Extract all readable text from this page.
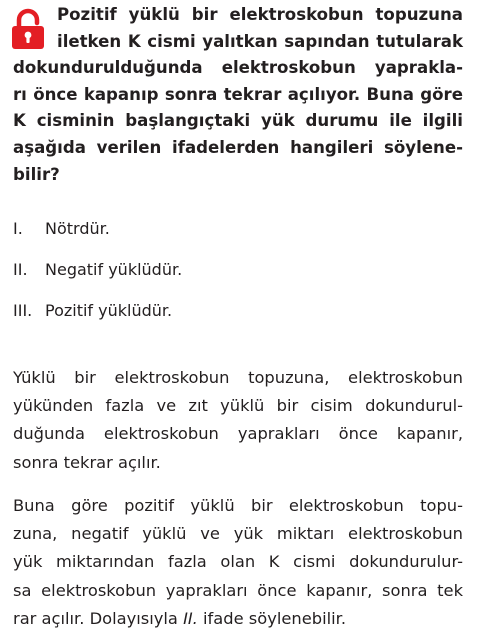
Pozitif yüklü bir elektroskobun topuzuna
iletken K cismi yalıtkan sapından tutularak
dokundurulduğunda elektroskobun yaprakla-
rı önce kapanıp sonra tekrar açılıyor. Buna göre
K cisminin başlangıçtaki yük durumu ile ilgili
aşağıda verilen ifadelerden hangileri söylene-
bilir?
I. Nötrdür.
II. Negatif yüklüdür.
III. Pozitif yüklüdür.
Yüklü bir elektroskobun topuzuna, elektroskobun
yükünden fazla ve zıt yüklü bir cisim dokundurul-
duğunda elektroskobun yaprakları önce kapanır,
sonra tekrar açılır.
Buna göre pozitif yüklü bir elektroskobun topu-
zuna, negatif yüklü ve yük miktarı elektroskobun
yük miktarından fazla olan K cismi dokundurulur-
sa elektroskobun yaprakları önce kapanır, sonra tek
rar açılır. Dolayısıyla II. ifade söylenebilir.
